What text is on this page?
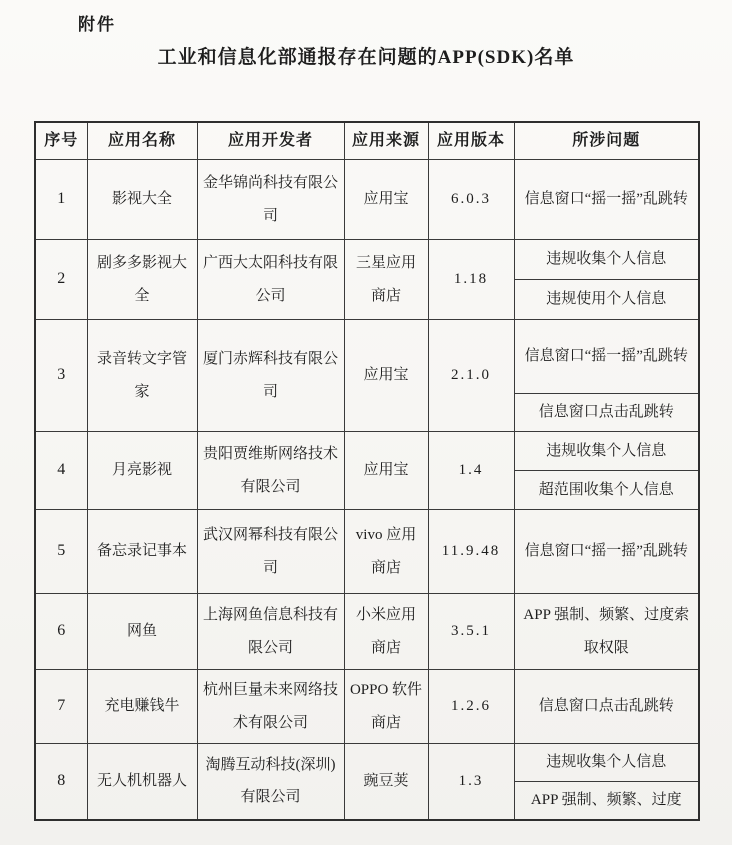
附件
工业和信息化部通报存在问题的APP(SDK)名单
序号	应用名称	应用开发者	应用来源	应用版本	所涉问题
1	影视大全	金华锦尚科技有限公司	应用宝	6.0.3	信息窗口“摇一摇”乱跳转
2	剧多多影视大全	广西大太阳科技有限公司	三星应用商店	1.18	违规收集个人信息
					违规使用个人信息
3	录音转文字管家	厦门赤辉科技有限公司	应用宝	2.1.0	信息窗口“摇一摇”乱跳转
					信息窗口点击乱跳转
4	月亮影视	贵阳贾维斯网络技术有限公司	应用宝	1.4	违规收集个人信息
					超范围收集个人信息
5	备忘录记事本	武汉网幂科技有限公司	vivo 应用商店	11.9.48	信息窗口“摇一摇”乱跳转
6	网鱼	上海网鱼信息科技有限公司	小米应用商店	3.5.1	APP 强制、频繁、过度索取权限
7	充电赚钱牛	杭州巨量未来网络技术有限公司	OPPO 软件商店	1.2.6	信息窗口点击乱跳转
8	无人机机器人	淘腾互动科技(深圳)有限公司	豌豆荚	1.3	违规收集个人信息
					APP 强制、频繁、过度
